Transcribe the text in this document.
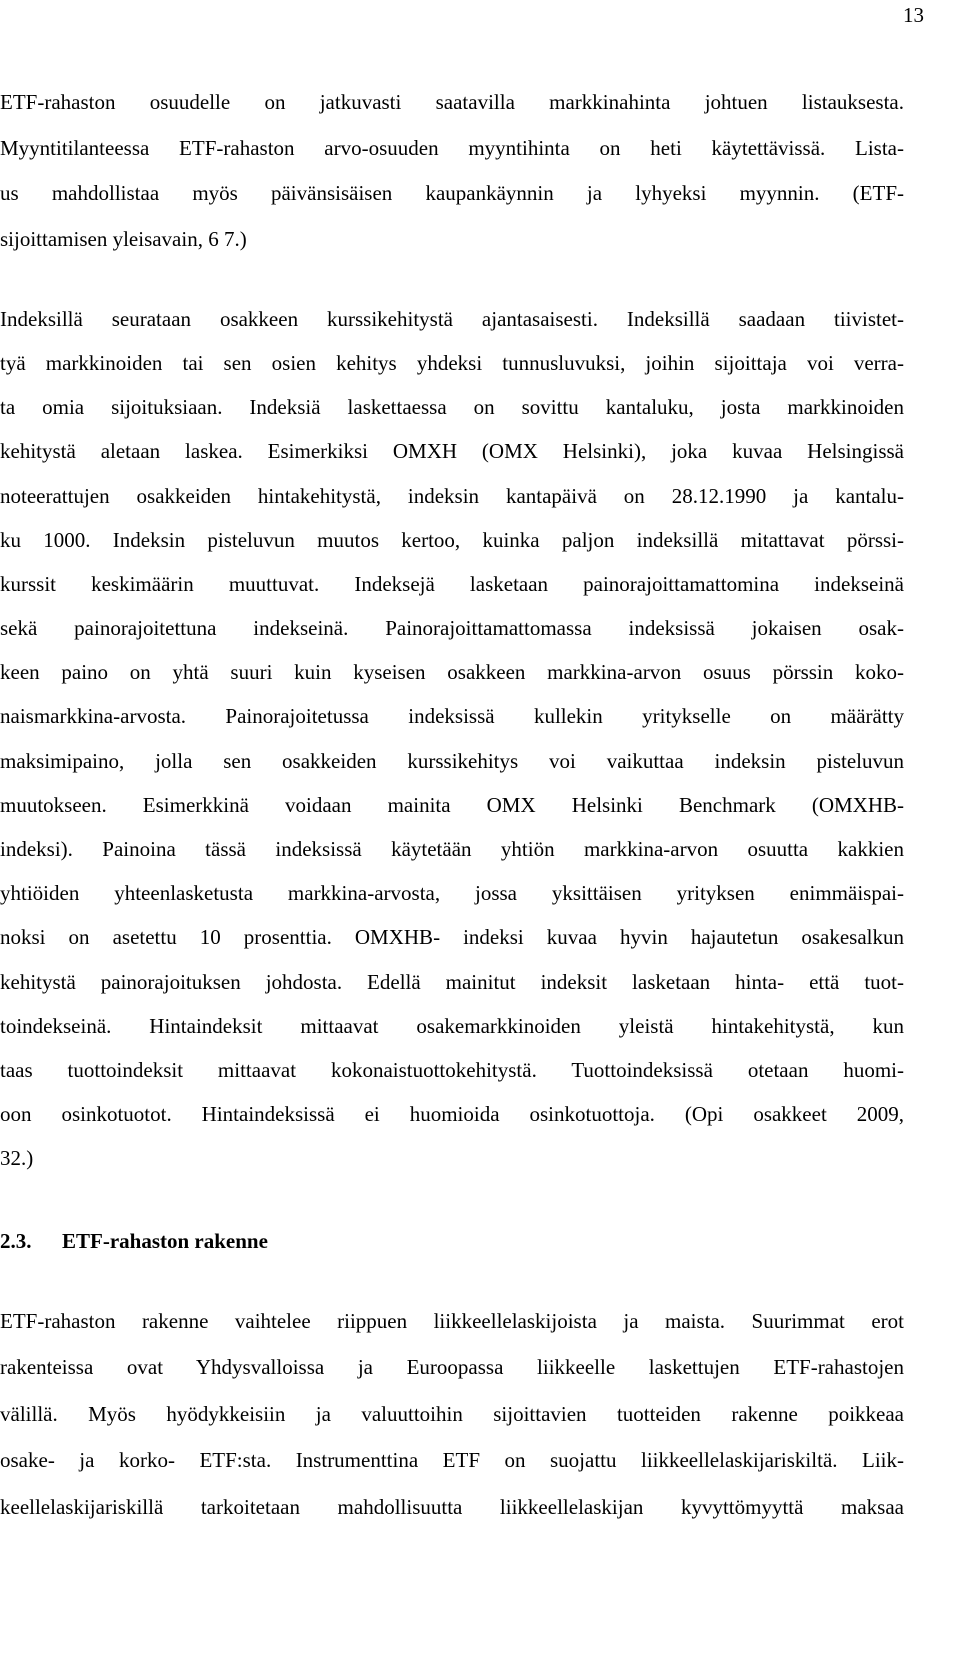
13
ETF-rahaston osuudelle on jatkuvasti saatavilla markkinahinta johtuen listauksesta.
Myyntitilanteessa ETF-rahaston arvo-osuuden myyntihinta on heti käytettävissä. Lista-
us mahdollistaa myös päivänsisäisen kaupankäynnin ja lyhyeksi myynnin. (ETF-
sijoittamisen yleisavain, 6 7.)
Indeksillä seurataan osakkeen kurssikehitystä ajantasaisesti. Indeksillä saadaan tiivistet-
tyä markkinoiden tai sen osien kehitys yhdeksi tunnusluvuksi, joihin sijoittaja voi verra-
ta omia sijoituksiaan. Indeksiä laskettaessa on sovittu kantaluku, josta markkinoiden
kehitystä aletaan laskea. Esimerkiksi OMXH (OMX Helsinki), joka kuvaa Helsingissä
noteerattujen osakkeiden hintakehitystä, indeksin kantapäivä on 28.12.1990 ja kantalu-
ku 1000. Indeksin pisteluvun muutos kertoo, kuinka paljon indeksillä mitattavat pörssi-
kurssit keskimäärin muuttuvat. Indeksejä lasketaan painorajoittamattomina indekseinä
sekä painorajoitettuna indekseinä. Painorajoittamattomassa indeksissä jokaisen osak-
keen paino on yhtä suuri kuin kyseisen osakkeen markkina-arvon osuus pörssin koko-
naismarkkina-arvosta. Painorajoitetussa indeksissä kullekin yritykselle on määrätty
maksimipaino, jolla sen osakkeiden kurssikehitys voi vaikuttaa indeksin pisteluvun
muutokseen. Esimerkkinä voidaan mainita OMX Helsinki Benchmark (OMXHB-
indeksi). Painoina tässä indeksissä käytetään yhtiön markkina-arvon osuutta kakkien
yhtiöiden yhteenlasketusta markkina-arvosta, jossa yksittäisen yrityksen enimmäispai-
noksi on asetettu 10 prosenttia. OMXHB- indeksi kuvaa hyvin hajautetun osakesalkun
kehitystä painorajoituksen johdosta. Edellä mainitut indeksit lasketaan hinta- että tuot-
toindekseinä. Hintaindeksit mittaavat osakemarkkinoiden yleistä hintakehitystä, kun
taas tuottoindeksit mittaavat kokonaistuottokehitystä. Tuottoindeksissä otetaan huomi-
oon osinkotuotot. Hintaindeksissä ei huomioida osinkotuottoja. (Opi osakkeet 2009,
32.)
2.3.	ETF-rahaston rakenne
ETF-rahaston rakenne vaihtelee riippuen liikkeellelaskijoista ja maista. Suurimmat erot
rakenteissa ovat Yhdysvalloissa ja Euroopassa liikkeelle laskettujen ETF-rahastojen
välillä. Myös hyödykkeisiin ja valuuttoihin sijoittavien tuotteiden rakenne poikkeaa
osake- ja korko- ETF:sta. Instrumenttina ETF on suojattu liikkeellelaskijariskiltä. Liik-
keellelaskijariskillä tarkoitetaan mahdollisuutta liikkeellelaskijan kyvyttömyyttä maksaa
